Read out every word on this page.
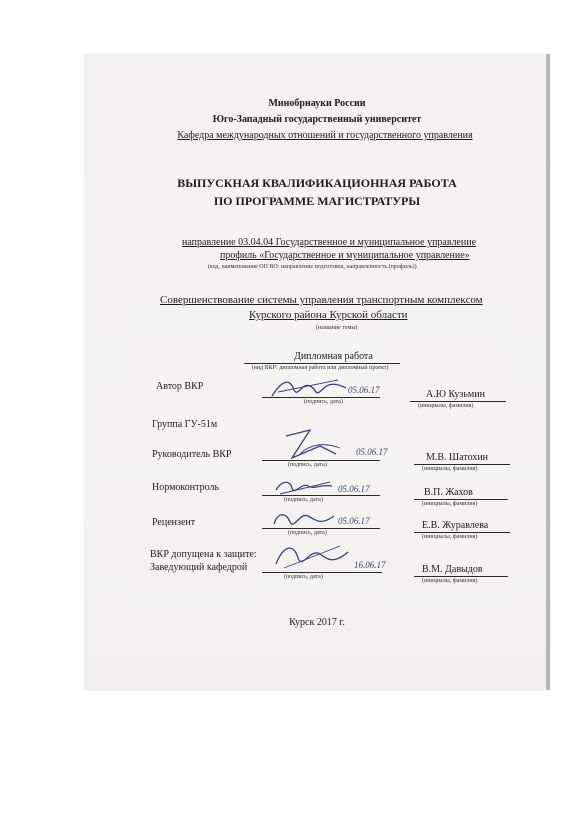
Минобрнауки России
Юго-Западный государственный университет
Кафедра международных отношений и государственного управления
ВЫПУСКНАЯ КВАЛИФИКАЦИОННАЯ РАБОТА
ПО ПРОГРАММЕ МАГИСТРАТУРЫ
направление 03.04.04 Государственное и муниципальное управление
профиль «Государственное и муниципальное управление»
(код, наименование ОП ВО: направление подготовки, направленность (профиль))
Совершенствование системы управления транспортным комплексом
Курского района Курской области
(название темы)
Дипломная работа
(вид ВКР: дипломная работа или дипломный проект)
Автор ВКР	05.06.17
(подпись, дата)
А.Ю Кузьмин
(инициалы, фамилия)
Группа ГУ-51м
Руководитель ВКР	05.06.17
(подпись, дата)
М.В. Шатохин
(инициалы, фамилия)
Нормоконтроль	05.06.17
(подпись, дата)
В.П. Жахов
(инициалы, фамилия)
Рецензент	05.06.17
(подпись, дата)
Е.В. Журавлева
(инициалы, фамилия)
ВКР допущена к защите:
Заведующий кафедрой	16.06.17
(подпись, дата)
В.М. Давыдов
(инициалы, фамилия)
Курск 2017 г.
